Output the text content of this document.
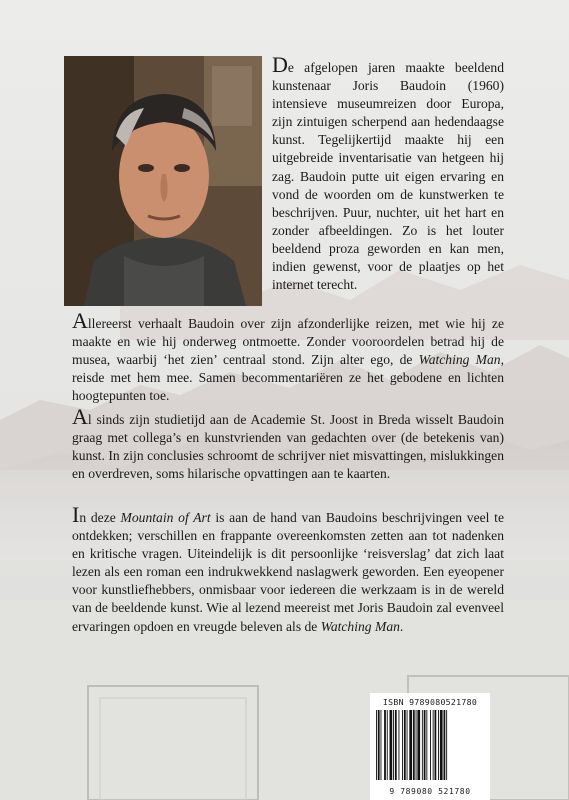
De afgelopen jaren maakte beeldend kunstenaar Joris Baudoin (1960) intensieve museumreizen door Europa, zijn zintuigen scherpend aan hedendaagse kunst. Tegelijkertijd maakte hij een uitgebreide inventarisatie van hetgeen hij zag. Baudoin putte uit eigen ervaring en vond de woorden om de kunstwerken te beschrijven. Puur, nuchter, uit het hart en zonder afbeeldingen. Zo is het louter beeldend proza geworden en kan men, indien gewenst, voor de plaatjes op het internet terecht.

Allereerst verhaalt Baudoin over zijn afzonderlijke reizen, met wie hij ze maakte en wie hij onderweg ontmoette. Zonder vooroordelen betrad hij de musea, waarbij ‘het zien’ centraal stond. Zijn alter ego, de Watching Man, reisde met hem mee. Samen becommentariëren ze het gebodene en lichten hoogtepunten toe.

Al sinds zijn studietijd aan de Academie St. Joost in Breda wisselt Baudoin graag met collega’s en kunstvrienden van gedachten over (de betekenis van) kunst. In zijn conclusies schroomt de schrijver niet misvattingen, mislukkingen en overdreven, soms hilarische opvattingen aan te kaarten.

In deze Mountain of Art is aan de hand van Baudoins beschrijvingen veel te ontdekken; verschillen en frappante overeenkomsten zetten aan tot nadenken en kritische vragen. Uiteindelijk is dit persoonlijke ‘reisverslag’ dat zich laat lezen als een roman een indrukwekkend naslagwerk geworden. Een eyeopener voor kunstliefhebbers, onmisbaar voor iedereen die werkzaam is in de wereld van de beeldende kunst. Wie al lezend meereist met Joris Baudoin zal evenveel ervaringen opdoen en vreugde beleven als de Watching Man.

ISBN 9789080521780
9 789080 521780
